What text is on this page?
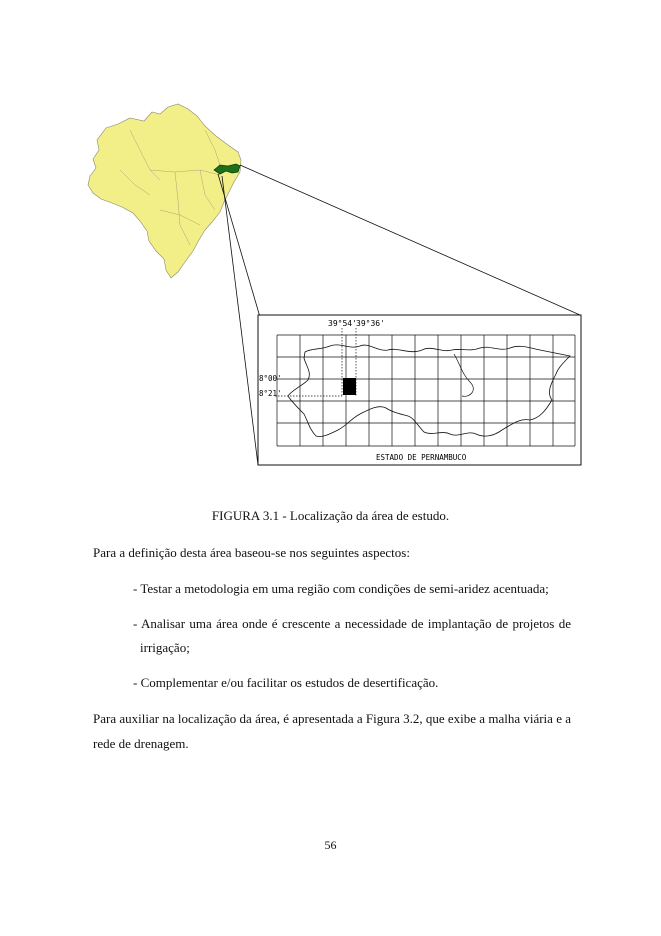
39°54' 39°36'
8°00'
8°21'
ESTADO DE PERNAMBUCO
FIGURA 3.1 - Localização da área de estudo.
Para a definição desta área baseou-se nos seguintes aspectos:
- Testar a metodologia em uma região com condições de semi-aridez acentuada;
- Analisar uma área onde é crescente a necessidade de implantação de projetos de
irrigação;
- Complementar e/ou facilitar os estudos de desertificação.
Para auxiliar na localização da área, é apresentada a Figura 3.2, que exibe a malha viária e a
rede de drenagem.
56
